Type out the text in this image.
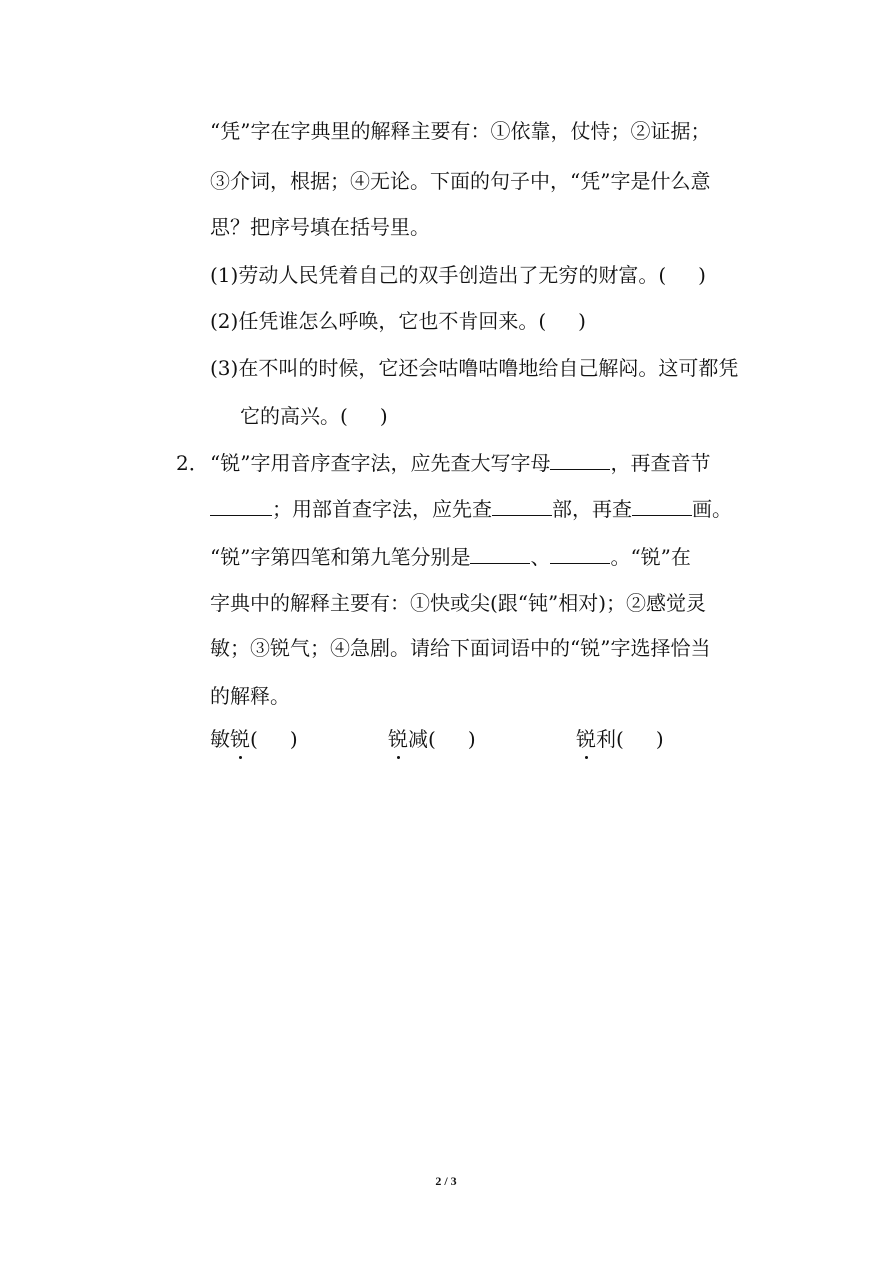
“凭”字在字典里的解释主要有：①依靠，仗恃；②证据；
③介词，根据；④无论。下面的句子中，“凭”字是什么意
思？把序号填在括号里。
(1)劳动人民凭着自己的双手创造出了无穷的财富。( )
(2)任凭谁怎么呼唤，它也不肯回来。( )
(3)在不叫的时候，它还会咕噜咕噜地给自己解闷。这可都凭
它的高兴。( )
2． “锐”字用音序查字法，应先查大写字母	，再查音节
；用部首查字法，应先查	部，再查	画。
“锐”字第四笔和第九笔分别是	、	。“锐”在
字典中的解释主要有：①快或尖(跟“钝”相对)；②感觉灵
敏；③锐气；④急剧。请给下面词语中的“锐”字选择恰当
的解释。
敏锐( )	锐减( )	锐利( )
2 / 3
